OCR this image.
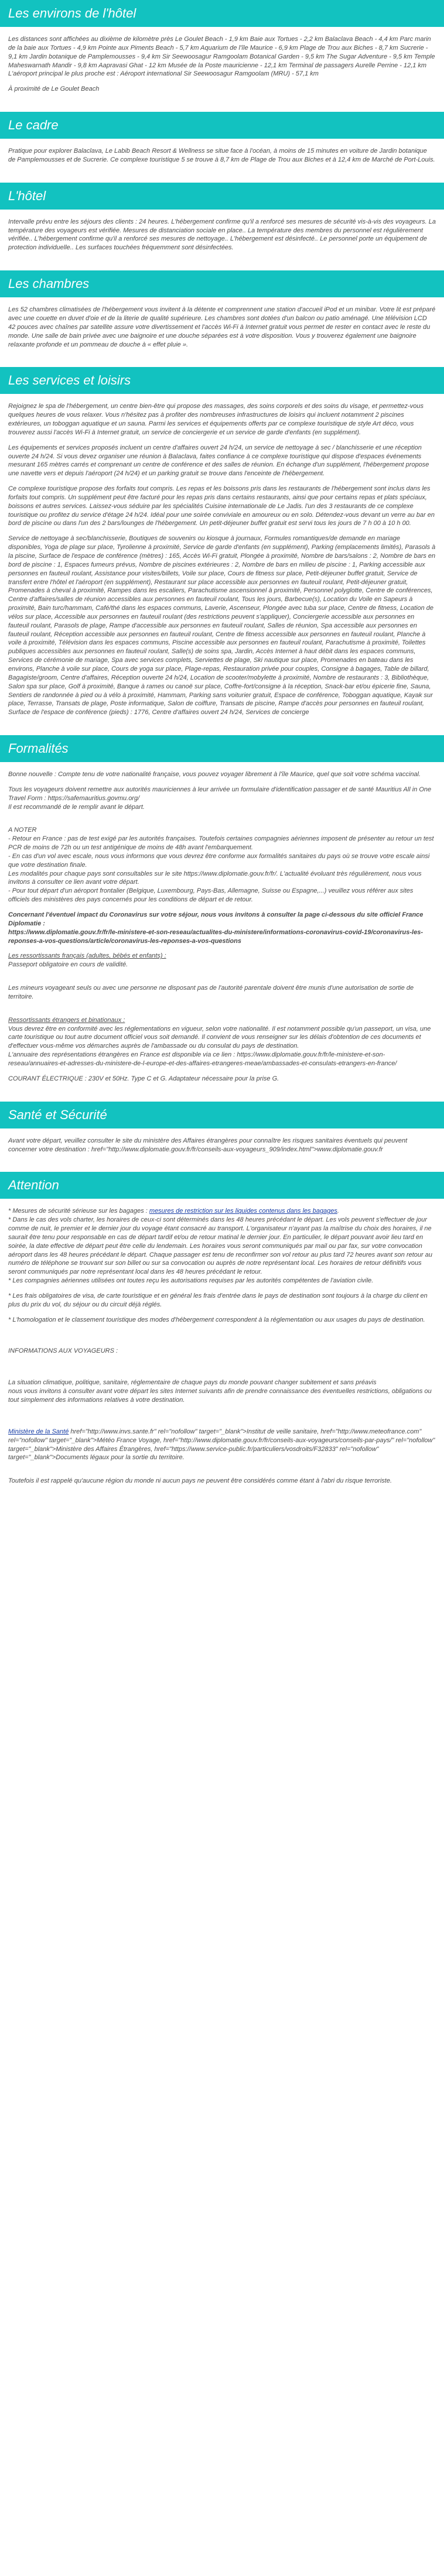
Les environs de l'hôtel

Les distances sont affichées au dixième de kilomètre près Le Goulet Beach - 1,9 km Baie aux Tortues - 2,2 km Balaclava Beach - 4,4 km Parc marin de la baie aux Tortues - 4,9 km Pointe aux Piments Beach - 5,7 km Aquarium de l'île Maurice - 6,9 km Plage de Trou aux Biches - 8,7 km Sucrerie - 9,1 km Jardin botanique de Pamplemousses - 9,4 km Sir Seewoosagur Ramgoolam Botanical Garden - 9,5 km The Sugar Adventure - 9,5 km Temple Maheswarnath Mandir - 9,8 km Aapravasi Ghat - 12 km Musée de la Poste mauricienne - 12,1 km Terminal de passagers Aurelle Perrine - 12,1 km L'aéroport principal le plus proche est : Aéroport international Sir Seewoosagur Ramgoolam (MRU) - 57,1 km

À proximité de Le Goulet Beach

Le cadre

Pratique pour explorer Balaclava, Le Labib Beach Resort & Wellness se situe face à l'océan, à moins de 15 minutes en voiture de Jardin botanique de Pamplemousses et de Sucrerie. Ce complexe touristique 5 se trouve à 8,7 km de Plage de Trou aux Biches et à 12,4 km de Marché de Port-Louis.

L'hôtel

Intervalle prévu entre les séjours des clients : 24 heures. L'hébergement confirme qu'il a renforcé ses mesures de sécurité vis-à-vis des voyageurs. La température des voyageurs est vérifiée. Mesures de distanciation sociale en place.. La température des membres du personnel est régulièrement vérifiée.. L'hébergement confirme qu'il a renforcé ses mesures de nettoyage.. L'hébergement est désinfecté.. Le personnel porte un équipement de protection individuelle.. Les surfaces touchées fréquemment sont désinfectées.

Les chambres

Les 52 chambres climatisées de l'hébergement vous invitent à la détente et comprennent une station d'accueil iPod et un minibar. Votre lit est préparé avec une couette en duvet d'oie et de la literie de qualité supérieure. Les chambres sont dotées d'un balcon ou patio aménagé. Une télévision LCD 42 pouces avec chaînes par satellite assure votre divertissement et l'accès Wi-Fi à Internet gratuit vous permet de rester en contact avec le reste du monde. Une salle de bain privée avec une baignoire et une douche séparées est à votre disposition. Vous y trouverez également une baignoire relaxante profonde et un pommeau de douche à « effet pluie ».

Les services et loisirs

Rejoignez le spa de l'hébergement, un centre bien-être qui propose des massages, des soins corporels et des soins du visage, et permettez-vous quelques heures de vous relaxer. Vous n'hésitez pas à profiter des nombreuses infrastructures de loisirs qui incluent notamment 2 piscines extérieures, un toboggan aquatique et un sauna. Parmi les services et équipements offerts par ce complexe touristique de style Art déco, vous trouverez aussi l'accès Wi-Fi à Internet gratuit, un service de conciergerie et un service de garde d'enfants (en supplément).

Les équipements et services proposés incluent un centre d'affaires ouvert 24 h/24, un service de nettoyage à sec / blanchisserie et une réception ouverte 24 h/24. Si vous devez organiser une réunion à Balaclava, faites confiance à ce complexe touristique qui dispose d'espaces événements mesurant 165 mètres carrés et comprenant un centre de conférence et des salles de réunion. En échange d'un supplément, l'hébergement propose une navette vers et depuis l'aéroport (24 h/24) et un parking gratuit se trouve dans l'enceinte de l'hébergement.

Ce complexe touristique propose des forfaits tout compris. Les repas et les boissons pris dans les restaurants de l'hébergement sont inclus dans les forfaits tout compris. Un supplément peut être facturé pour les repas pris dans certains restaurants, ainsi que pour certains repas et plats spéciaux, boissons et autres services. Laissez-vous séduire par les spécialités Cuisine internationale de Le Jadis. l'un des 3 restaurants de ce complexe touristique ou profitez du service d'étage 24 h/24. Idéal pour une soirée conviviale en amoureux ou en solo. Détendez-vous devant un verre au bar en bord de piscine ou dans l'un des 2 bars/lounges de l'hébergement. Un petit-déjeuner buffet gratuit est servi tous les jours de 7 h 00 à 10 h 00.

Service de nettoyage à sec/blanchisserie, Boutiques de souvenirs ou kiosque à journaux, Formules romantiques/de demande en mariage disponibles, Yoga de plage sur place, Tyrolienne à proximité, Service de garde d'enfants (en supplément), Parking (emplacements limités), Parasols à la piscine, Surface de l'espace de conférence (mètres) : 165, Accès Wi-Fi gratuit, Plongée à proximité, Nombre de bars/salons : 2, Nombre de bars en bord de piscine : 1, Espaces fumeurs prévus, Nombre de piscines extérieures : 2, Nombre de bars en milieu de piscine : 1, Parking accessible aux personnes en fauteuil roulant, Assistance pour visites/billets, Voile sur place, Cours de fitness sur place, Petit-déjeuner buffet gratuit, Service de transfert entre l'hôtel et l'aéroport (en supplément), Restaurant sur place accessible aux personnes en fauteuil roulant, Petit-déjeuner gratuit, Promenades à cheval à proximité, Rampes dans les escaliers, Parachutisme ascensionnel à proximité, Personnel polyglotte, Centre de conférences, Centre d'affaires/salles de réunion accessibles aux personnes en fauteuil roulant, Tous les jours, Barbecue(s), Location du Voile en Sapeurs à proximité, Bain turc/hammam, Café/thé dans les espaces communs, Laverie, Ascenseur, Plongée avec tuba sur place, Centre de fitness, Location de vélos sur place, Accessible aux personnes en fauteuil roulant (des restrictions peuvent s'appliquer), Conciergerie accessible aux personnes en fauteuil roulant, Parasols de plage, Rampe d'accessible aux personnes en fauteuil roulant, Salles de réunion, Spa accessible aux personnes en fauteuil roulant, Réception accessible aux personnes en fauteuil roulant, Centre de fitness accessible aux personnes en fauteuil roulant, Planche à voile à proximité, Télévision dans les espaces communs, Piscine accessible aux personnes en fauteuil roulant, Parachutisme à proximité, Toilettes publiques accessibles aux personnes en fauteuil roulant, Salle(s) de soins spa, Jardin, Accès Internet à haut débit dans les espaces communs, Services de cérémonie de mariage, Spa avec services complets, Serviettes de plage, Ski nautique sur place, Promenades en bateau dans les environs, Planche à voile sur place, Cours de yoga sur place, Plage-repas, Restauration privée pour couples, Consigne à bagages, Table de billard, Bagagiste/groom, Centre d'affaires, Réception ouverte 24 h/24, Location de scooter/mobylette à proximité, Nombre de restaurants : 3, Bibliothèque, Salon spa sur place, Golf à proximité, Banque à rames ou canoë sur place, Coffre-fort/consigne à la réception, Snack-bar et/ou épicerie fine, Sauna, Sentiers de randonnée à pied ou à vélo à proximité, Hammam, Parking sans voiturier gratuit, Espace de conférence, Toboggan aquatique, Kayak sur place, Terrasse, Transats de plage, Poste informatique, Salon de coiffure, Transats de piscine, Rampe d'accès pour personnes en fauteuil roulant, Surface de l'espace de conférence (pieds) : 1776, Centre d'affaires ouvert 24 h/24, Services de concierge

Formalités

Bonne nouvelle : Compte tenu de votre nationalité française, vous pouvez voyager librement à l'île Maurice, quel que soit votre schéma vaccinal.

Tous les voyageurs doivent remettre aux autorités mauriciennes à leur arrivée un formulaire d'identification passager et de santé Mauritius All in One Travel Form : https://safemauritius.govmu.org/

Il est recommandé de le remplir avant le départ.

A NOTER

- Retour en France : pas de test exigé par les autorités françaises. Toutefois certaines compagnies aériennes imposent de présenter au retour un test PCR de moins de 72h ou un test antigénique de moins de 48h avant l'embarquement.

- En cas d'un vol avec escale, nous vous informons que vous devrez être conforme aux formalités sanitaires du pays où se trouve votre escale ainsi que votre destination finale.

Les modalités pour chaque pays sont consultables sur le site https://www.diplomatie.gouv.fr/fr/. L'actualité évoluant très régulièrement, nous vous invitons à consulter ce lien avant votre départ.

- Pour tout départ d'un aéroport frontalier (Belgique, Luxembourg, Pays-Bas, Allemagne, Suisse ou Espagne,...) veuillez vous référer aux sites officiels des ministères des pays concernés pour les conditions de départ et de retour.

Concernant l'éventuel impact du Coronavirus sur votre séjour, nous vous invitons à consulter la page ci-dessous du site officiel France Diplomatie :

https://www.diplomatie.gouv.fr/fr/le-ministere-et-son-reseau/actualites-du-ministere/informations-coronavirus-covid-19/coronavirus-les-reponses-a-vos-questions/article/coronavirus-les-reponses-a-vos-questions

Les ressortissants français (adultes, bébés et enfants) :

Passeport obligatoire en cours de validité.

Les mineurs voyageant seuls ou avec une personne ne disposant pas de l'autorité parentale doivent être munis d'une autorisation de sortie de territoire.

Ressortissants étrangers et binationaux :

Vous devrez être en conformité avec les réglementations en vigueur, selon votre nationalité. Il est notamment possible qu'un passeport, un visa, une carte touristique ou tout autre document officiel vous soit demandé. Il convient de vous renseigner sur les délais d'obtention de ces documents et d'effectuer vous-même vos démarches auprès de l'ambassade ou du consulat du pays de destination.

L'annuaire des représentations étrangères en France est disponible via ce lien : https://www.diplomatie.gouv.fr/fr/le-ministere-et-son-reseau/annuaires-et-adresses-du-ministere-de-l-europe-et-des-affaires-etrangeres-meae/ambassades-et-consulats-etrangers-en-france/

COURANT ÉLECTRIQUE : 230V et 50Hz. Type C et G. Adaptateur nécessaire pour la prise G.

Santé et Sécurité

Avant votre départ, veuillez consulter le site du ministère des Affaires étrangères pour connaître les risques sanitaires éventuels qui peuvent concerner votre destination : href="http://www.diplomatie.gouv.fr/fr/conseils-aux-voyageurs_909/index.html">www.diplomatie.gouv.fr

Attention

* Mesures de sécurité sérieuse sur les bagages : mesures de restriction sur les liquides contenus dans les bagages.

* Dans le cas des vols charter, les horaires de ceux-ci sont déterminés dans les 48 heures précédant le départ. Les vols peuvent s'effectuer de jour comme de nuit, le premier et le dernier jour du voyage étant consacré au transport. L'organisateur n'ayant pas la maîtrise du choix des horaires, il ne saurait être tenu pour responsable en cas de départ tardif et/ou de retour matinal le dernier jour. En particulier, le départ pouvant avoir lieu tard en soirée, la date effective de départ peut être celle du lendemain. Les horaires vous seront communiqués par mail ou par fax, sur votre convocation aéroport dans les 48 heures précédant le départ. Chaque passager est tenu de reconfirmer son vol retour au plus tard 72 heures avant son retour au numéro de téléphone se trouvant sur son billet ou sur sa convocation ou auprès de notre représentant local. Les horaires de retour définitifs vous seront communiqués par notre représentant local dans les 48 heures précédant le retour.

* Les compagnies aériennes utilisées ont toutes reçu les autorisations requises par les autorités compétentes de l'aviation civile.

* Les frais obligatoires de visa, de carte touristique et en général les frais d'entrée dans le pays de destination sont toujours à la charge du client en plus du prix du vol, du séjour ou du circuit déjà réglés.

* L'homologation et le classement touristique des modes d'hébergement correspondent à la réglementation ou aux usages du pays de destination.

INFORMATIONS AUX VOYAGEURS :

La situation climatique, politique, sanitaire, réglementaire de chaque pays du monde pouvant changer subitement et sans préavis

nous vous invitons à consulter avant votre départ les sites Internet suivants afin de prendre connaissance des éventuelles restrictions, obligations ou tout simplement des informations relatives à votre destination.

Ministère de la Santé href="http://www.invs.sante.fr" rel="nofollow" target="_blank">Institut de veille sanitaire, href="http://www.meteofrance.com" rel="nofollow" target="_blank">Météo France Voyage, href="http://www.diplomatie.gouv.fr/fr/conseils-aux-voyageurs/conseils-par-pays/" rel="nofollow" target="_blank">Ministère des Affaires Étrangères, href="https://www.service-public.fr/particuliers/vosdroits/F32833" rel="nofollow" target="_blank">Documents légaux pour la sortie du territoire.

Toutefois il est rappelé qu'aucune région du monde ni aucun pays ne peuvent être considérés comme étant à l'abri du risque terroriste.
